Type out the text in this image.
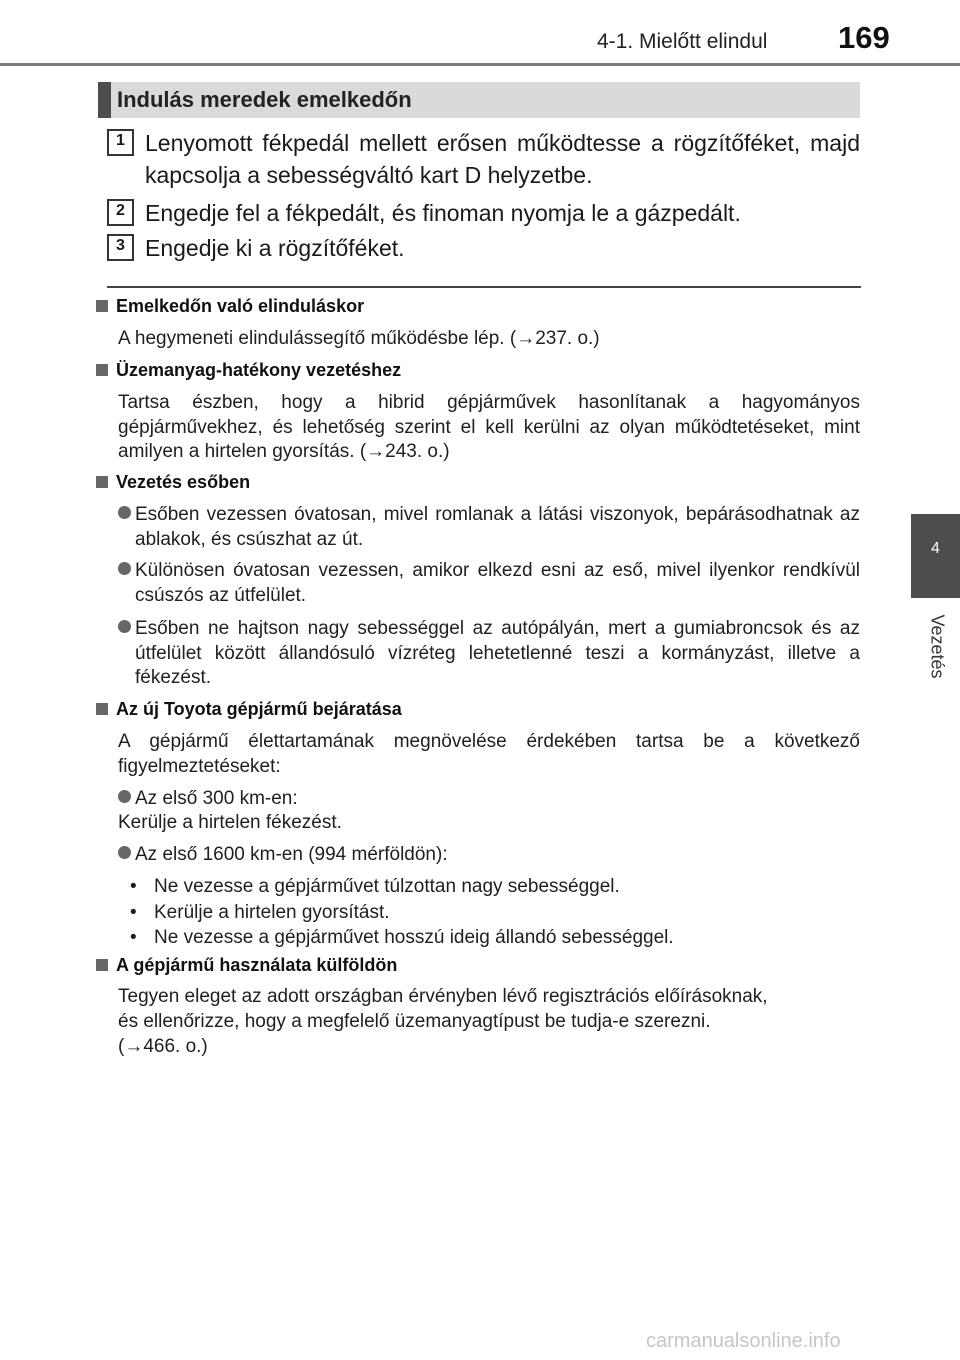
4-1. Mielőtt elindul 169
4
Vezetés
Indulás meredek emelkedőn
1 Lenyomott fékpedál mellett erősen működtesse a rögzítőféket, majd kapcsolja a sebességváltó kart D helyzetbe.
2 Engedje fel a fékpedált, és finoman nyomja le a gázpedált.
3 Engedje ki a rögzítőféket.
Emelkedőn való elinduláskor
A hegymeneti elindulássegítő működésbe lép. (→237. o.)
Üzemanyag-hatékony vezetéshez
Tartsa észben, hogy a hibrid gépjárművek hasonlítanak a hagyományos gépjárművekhez, és lehetőség szerint el kell kerülni az olyan működtetéseket, mint amilyen a hirtelen gyorsítás. (→243. o.)
Vezetés esőben
Esőben vezessen óvatosan, mivel romlanak a látási viszonyok, bepárásodhatnak az ablakok, és csúszhat az út.
Különösen óvatosan vezessen, amikor elkezd esni az eső, mivel ilyenkor rendkívül csúszós az útfelület.
Esőben ne hajtson nagy sebességgel az autópályán, mert a gumiabroncsok és az útfelület között állandósuló vízréteg lehetetlenné teszi a kormányzást, illetve a fékezést.
Az új Toyota gépjármű bejáratása
A gépjármű élettartamának megnövelése érdekében tartsa be a következő figyelmeztetéseket:
Az első 300 km-en:
Kerülje a hirtelen fékezést.
Az első 1600 km-en (994 mérföldön):
• Ne vezesse a gépjárművet túlzottan nagy sebességgel.
• Kerülje a hirtelen gyorsítást.
• Ne vezesse a gépjárművet hosszú ideig állandó sebességgel.
A gépjármű használata külföldön
Tegyen eleget az adott országban érvényben lévő regisztrációs előírásoknak,
és ellenőrizze, hogy a megfelelő üzemanyagtípust be tudja-e szerezni.
(→466. o.)
carmanualsonline.info
